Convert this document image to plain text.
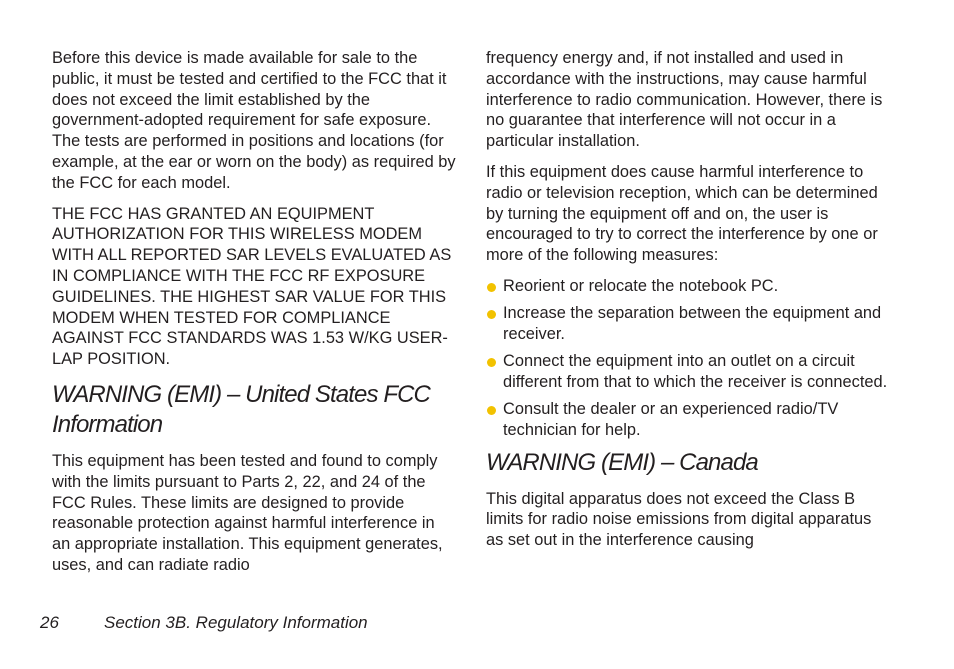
Before this device is made available for sale to the public, it must be tested and certified to the FCC that it does not exceed the limit established by the government-adopted requirement for safe exposure. The tests are performed in positions and locations (for example, at the ear or worn on the body) as required by the FCC for each model.

THE FCC HAS GRANTED AN EQUIPMENT AUTHORIZATION FOR THIS WIRELESS MODEM WITH ALL REPORTED SAR LEVELS EVALUATED AS IN COMPLIANCE WITH THE FCC RF EXPOSURE GUIDELINES. THE HIGHEST SAR VALUE FOR THIS MODEM WHEN TESTED FOR COMPLIANCE AGAINST FCC STANDARDS WAS 1.53 W/KG USER-LAP POSITION.

WARNING (EMI) – United States FCC Information

This equipment has been tested and found to comply with the limits pursuant to Parts 2, 22, and 24 of the FCC Rules. These limits are designed to provide reasonable protection against harmful interference in an appropriate installation. This equipment generates, uses, and can radiate radio

frequency energy and, if not installed and used in accordance with the instructions, may cause harmful interference to radio communication. However, there is no guarantee that interference will not occur in a particular installation.

If this equipment does cause harmful interference to radio or television reception, which can be determined by turning the equipment off and on, the user is encouraged to try to correct the interference by one or more of the following measures:

Reorient or relocate the notebook PC.
Increase the separation between the equipment and receiver.
Connect the equipment into an outlet on a circuit different from that to which the receiver is connected.
Consult the dealer or an experienced radio/TV technician for help.
WARNING (EMI) – Canada

This digital apparatus does not exceed the Class B limits for radio noise emissions from digital apparatus as set out in the interference causing

26	Section 3B. Regulatory Information
